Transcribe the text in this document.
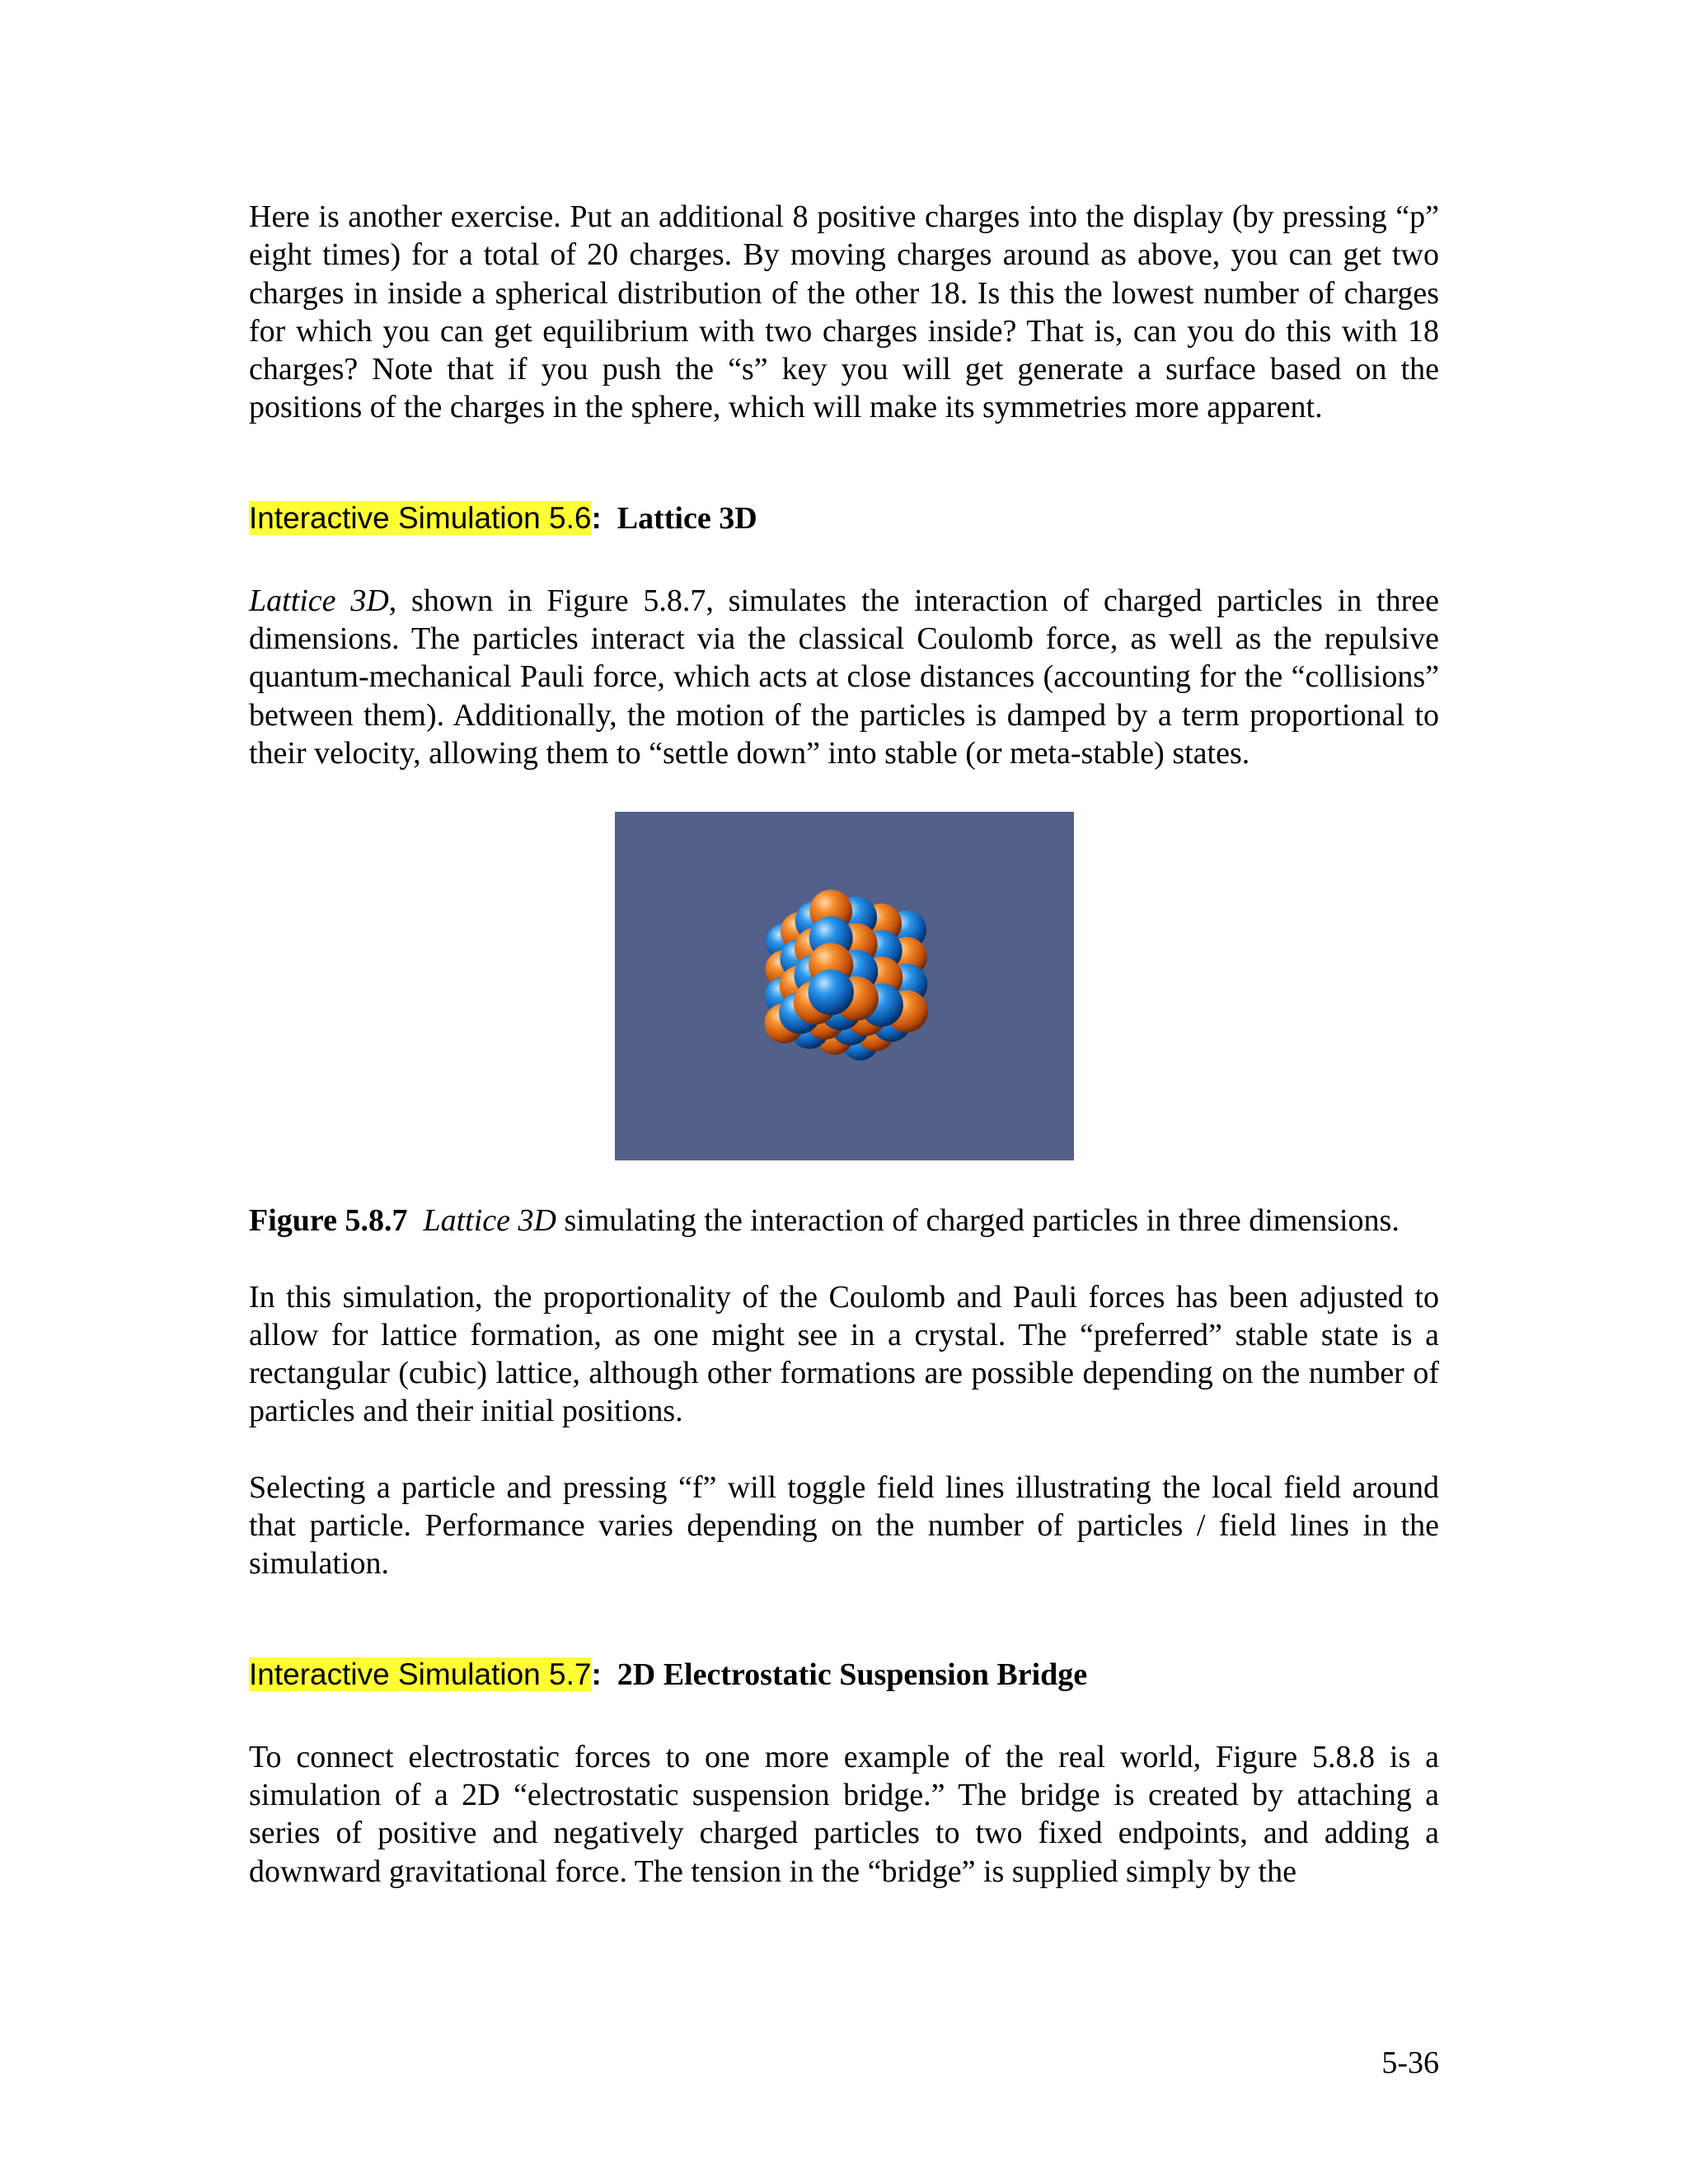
Here is another exercise. Put an additional 8 positive charges into the display (by pressing “p” eight times) for a total of 20 charges. By moving charges around as above, you can get two charges in inside a spherical distribution of the other 18. Is this the lowest number of charges for which you can get equilibrium with two charges inside? That is, can you do this with 18 charges? Note that if you push the “s” key you will get generate a surface based on the positions of the charges in the sphere, which will make its symmetries more apparent.

Interactive Simulation 5.6: Lattice 3D

Lattice 3D, shown in Figure 5.8.7, simulates the interaction of charged particles in three dimensions. The particles interact via the classical Coulomb force, as well as the repulsive quantum-mechanical Pauli force, which acts at close distances (accounting for the “collisions” between them). Additionally, the motion of the particles is damped by a term proportional to their velocity, allowing them to “settle down” into stable (or meta-stable) states.

Figure 5.8.7 Lattice 3D simulating the interaction of charged particles in three dimensions.

In this simulation, the proportionality of the Coulomb and Pauli forces has been adjusted to allow for lattice formation, as one might see in a crystal. The “preferred” stable state is a rectangular (cubic) lattice, although other formations are possible depending on the number of particles and their initial positions.

Selecting a particle and pressing “f” will toggle field lines illustrating the local field around that particle. Performance varies depending on the number of particles / field lines in the simulation.

Interactive Simulation 5.7: 2D Electrostatic Suspension Bridge

To connect electrostatic forces to one more example of the real world, Figure 5.8.8 is a simulation of a 2D “electrostatic suspension bridge.” The bridge is created by attaching a series of positive and negatively charged particles to two fixed endpoints, and adding a downward gravitational force. The tension in the “bridge” is supplied simply by the

5-36
